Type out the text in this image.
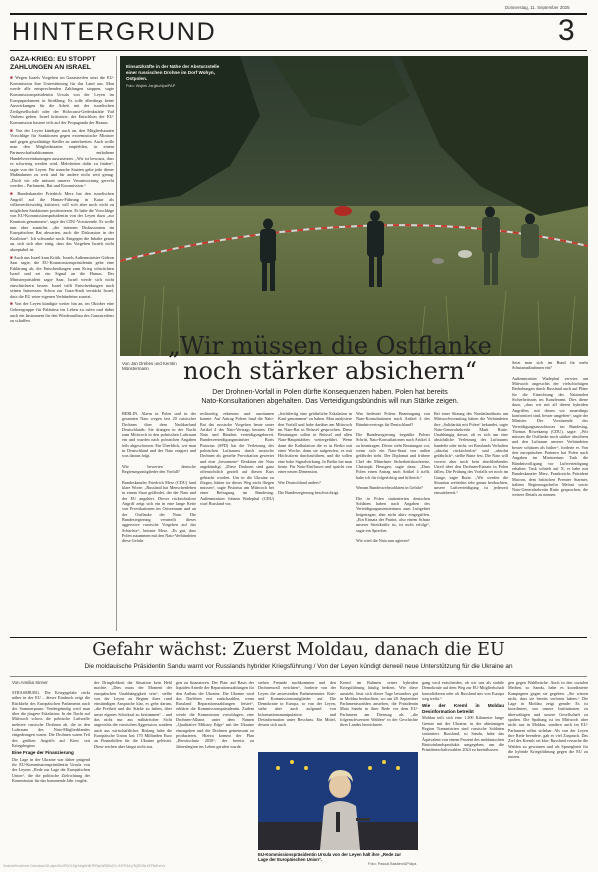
Donnerstag, 11. September 2025
HINTERGRUND	3
GAZA-KRIEG: EU STOPPT ZAHLUNGEN AN ISRAEL

■ Wegen Israels Vorgehen im Gazastreifen setzt die EU-Kommission ihre Unterstützung für das Land aus. Man werde alle entsprechenden Zahlungen stoppen, sagte Kommissionspräsidentin Ursula von der Leyen im Europaparlament in Straßburg. Es solle allerdings keine Auswirkungen für die Arbeit mit der israelischen Zivilgesellschaft oder der Holocaust-Gedenkstätte Yad Vashem geben. Israel kritisierte, der Entschluss der EU-Kommission basiere teils auf der Propaganda der Hamas.

■ Von der Leyen kündigte auch an, den Mitgliedstaaten Vorschläge für Sanktionen gegen extremistische Minister und gegen gewalttätige Siedler zu unterbreiten. Auch wolle man den Mitgliedstaaten empfehlen, in einem Partnerschaftsabkommen enthaltene Handelsvereinbarungen auszusetzen. „Wir ist bewusst, dass es schwierig werden wird, Mehrheiten dafür zu finden“, sagte von der Leyen. Für manche Staaten gehe jede dieser Maßnahmen zu weit und für andere nicht weit genug. „Doch wir alle müssen unserer Verantwortung gerecht werden – Parlament, Rat und Kommission.“

■ Bundeskanzler Friedrich Merz hat den israelischen Angriff auf die Hamas-Führung in Katar als völkerrechtswidrig kritisiert, will sich aber noch nicht zu möglichen Sanktionen positionieren. Er habe die Vorschläge von EU-Kommissionspräsidentin von der Leyen dazu „zur Kenntnis genommen“, sagte der CDU-Vorsitzende. Er wolle nun aber zunächst „die internen Diskussionen im Europäischen Rat abwarten, auch die Diskussion in der Koalition“. Ich schwanke noch. Entgegen die Inhalte genau an, sich sich aber einig, dass das Vorgehen Israels nicht akzeptabel ist.

■ Auch aus Israel kam Kritik. Israels Außenminister Gideon Saar sagte, die EU-Kommissionspräsidentin gebe eine Erklärung ab, die Entscheidungen zum Krieg schwächten Israel und sei ein Signal an die Hamas. Der Ministerpräsident sagte Saar, Israel werde sich nicht einschüchtern lassen. Israel trifft Entscheidungen nach seinen Interessen. Schon zur Gaza-Stadt verstärkt Israel, dass die EU seine eigenen Verbündeten zusetzt.

■ Von der Leyen kündigte weiter hin an, im Oktober eine Geberegruppe für Palästina ins Leben zu rufen und dabei auch ein Instrument für den Wiederaufbau des Gazastreifens zu schaffen.

Einsatzkräfte in der Nähe der Absturzstelle einer russischen Drohne im Dorf Wohyn, Ostpolen.
Foto: Wojtek Jargilo/dpa/PAP
Von Jan Drebes und Kerstin Münstermann
„Wir müssen die Ostflanke
noch stärker absichern“
Der Drohnen-Vorfall in Polen dürfte Konsequenzen haben. Polen hat bereits
Nato-Konsultationen abgehalten. Das Verteidigungsbündnis will nun Stärke zeigen.
BERLIN. Alarm in Polen und in der gesamten Nato wegen fast 20 russischer Drohnen über dem Nachbarland Deutschlands: Sie drangen in der Nacht zum Mittwoch in den polnischen Luftraum ein und wurden nach polnischen Angaben teils abgeschossen. Ein Überblick, wie man in Deutschland und der Nato reagiert und was daraus folgt.

Wie bewerten deutsche Regierungsmitglieder den Vorfall?

Bundeskanzler Friedrich Merz (CDU) fand klare Worte: „Russland hat Menschenleben in einem Staat gefährdet, der der Nato und der EU angehört. Dieser rücksichtslose Angriff zeigt sich ein in eine lange Kette von Provokationen im Ostseeraum und an der Ostflanke der Nato. Die Bundesregierung verurteilt dieses aggressive russische Vorgehen auf das Schärfste“, betonte Merz. „Es gut, dass Polen zusammen mit den Nato-Verbündeten diese Gefahr
rechtzeitig erkennen und ausräumen konnte. Auf Antrag Polens fand die Nato-Rat das russische Vorgehen heute unter Artikel 4 des Nato-Vertrags beraten. Die Nato und Bündnis verteidigungsbereit. Bundesverteidigungsminister Boris Pistorius (SPD) hat die Verletzung des polnischen Luftraums durch russische Drohnen als gezielte Provokation gewertet und eine „besonnene“ Reaktion der Nato angekündigt. „Diese Drohnen sind ganz offensichtlich gezielt auf diesen Kurs gebracht worden. Um in die Ukraine zu fliegen, hätten sie dieses Weg nicht fliegen müssen“, sagte Pistorius am Mittwoch bei einer Befragung im Bundestag. Außenminister Johann Wadephul (CDU) warf Russland vor,
„leichtfertig eine gefährliche Eskalation in Kauf genommen“ zu haben. Man analysiere den Vorfall und habe darüber am Mittwoch im Nato-Rat in Brüssel gesprochen. Diese Beratungen sollen in Brüssel und allen Nato-Hauptstädten weitergeführt. Wenn dann die Kalkulation die es in Berlin mit einer Woche, dann sie aufgerufen, es mit Höchstform durchzuführen, und die sollen eine hohe Signalwirkung. In Berlin hat man heute. Für Nato-Einflusses und spricht von einer neuen Dimension.

War Deutschland anders?

Die Bundesregierung beschwichtigt.
Was bedeutet Polens Beantragung von Nato-Konsultationen nach Artikel 4 des Bündnisvertrags für Deutschland?

Die Bundesregierung begrüßte Polens Schritt, Nato-Konsultationen nach Artikel 4 zu beantragen. Dieser sieht Beratungen vor, wenn sich ein Nato-Staat von außen gefährdet sieht. Der Diplomat und frühere Chef der Münchner Sicherheitskonferenz, Christoph Heusgen, sagte dazu: „Dass Polen einen Antrag nach Artikel 4 stellt, halte ich für folgerichtig und hilfreich.“

Warum Bundeswehrsoldaten in Gefahr?

Die in Polen stationierten deutschen Soldaten haben nach Angaben des Verteidigungsministeriums zum Luftgebiet beigetragen, aber nicht aktiv eingegriffen. „Ein Einsatz der Patriot, also einem Schutz unserer Streitkräfte ist, ist nicht erfolgt“, sagte ein Sprecher.

Wie wird die Nato nun agieren?
Bei einer Sitzung des Nordatlantikrats am Mittwochvormittag hätten die Verbündeten ihre „Solidarität mit Polen“ bekundet, sagte Nato-Generalsekretär Mark Rutte. Unabhängig davon, ob es sich um eine absichtliche Verletzung des Luftraums handelte oder nicht, sei Russlands Verhalten „absolut rücksichtslos“ und „absolut gefährlich“, stellte Rutte fest. Die Nato will vorerst aber noch kein abschließendes Urteil über den Drohnen-Einsatz in Polen fällen. Die Prüfung des Vorfalls sei noch im Gange, sagte Rutte. „Wir werden die Situation weiterhin sehr genau beobachten, unsere Luftverteidigung ist jederzeit einsatzbereit.“
Setzt man sich im Bund für mehr Schutzmaßnahmen ein?

Außenminister Wadephul verwies am Mittwoch angesichts der vielschichtigen Bedrohungen durch Russland auch auf Pläne für die Einrichtung des Nationalen Sicherheitsrats im Kanzleramt. Dies diene dazu, „dass wir mit all diesen hybriden Angriffen, mit denen wir neuerdings konfrontiert sind, besser umgehen“, sagte der Minister. Der Vorsitzende des Verteidigungsausschusses im Bundestag, Thomas Röwekamp (CDU), sagte: „Wir müssen die Ostflanke noch stärker absichern und den Luftraum unserer Verbündeten besser schützen als bisher“, forderte er. Von den europäischen Partnern hat Polen nach Angaben im Ministerium Tusk die Bündnisvolligung vor Luftverteidigung erhalten. Tusk schrieb auf X, er habe mit Bundeskanzler Merz, Frankreichs Präsident Macron, dem britischen Premier Starmer, italiens Regierungschefin Meloni sowie Nato-Generalsekretär Rutte gesprochen, die weitere Details zu nennen.
Gefahr wächst: Zuerst Moldau, danach die EU
Die moldauische Präsidentin Sandu warnt vor Russlands hybrider Kriegsführung / Von der Leyen kündigt derweil neue Unterstützung für die Ukraine an
Von Annika Sinner
STRASSBURG. Die Kriegsgefahr rückt näher in der EU – dieser Eindruck zeigt die Rückkehr des Europäischen Parlaments nach der Sommerpause. Vordergründig wird man über die jüngere Eskalation: In der Nacht auf Mittwoch schoss die polnische Luftwaffe mehrere russische Drohnen ab, die in den Luftraum des Nato-Mitgliedslandes eingedrungen waren. Die Drohnen waren Teil des größten Angriffs auf Kiew seit Kriegsbeginn.
Eine Frage der Finanzierung
Die Lage in der Ukraine war daher prägend für EU-Kommissionspräsidentin Ursula von der Leyens „Rede zur Lage der Europäischen Union“, die die politische Zielrichtung der Kommission für das kommende Jahr vorgibt.
der Dringlichkeit der Situation kein Hehl machte. „Dies muss der Moment der europäischen Unabhängigkeit sein“, stellte von der Leyen zu Beginn ihrer rund einstündigen Ansprache klar, es gehe darum, „die Freiheit und die Stärke zu haben, über unser eigenes Schicksal zu bestimmen“ – und das nicht nur aus militärischer Sicht angesichts der russischen Aggression, sondern auch aus wirtschaftlicher. Bislang habe die Europäische Union fast 170 Milliarden Euro an Finanzhilfen für die Ukraine geleistet. Diese reichen aber längst nicht aus.
gen zu finanzieren. Der Plan: auf Basis der liquiden Anteile der Reparationszahlungen für den Aufbau der Ukraine. Die Ukraine wird das Darlehen erst zurückzahlen, wenn Russland Reparationszahlungen leistet“, erklärte die Kommissionspräsidentin. Zudem werde die Kommission vorschlagen, eine Drohnen-Allianz unter dem Namen „Qualitative Military Edge“ mit der Ukraine einzugehen und die Drohnen gemeinsam zu produzieren. Hierzu kommt der Plan „Brexitschutz 2030“, der bereits zu Jahresbeginn ins Leben gerufen wurde.
stehen Freunde nachkommen und den Drohnenwall errichten“, forderte von der Leyen die anwesenden Parlamentarier. Rats- und Kommissionsmitglieder auf. Die Demokratie in Europa, so von der Leyen, stehe aber auch aufgrund von Informationsmanipulation und Desinformation unter Beschuss. Ein Mittel, dessen sich auch
Kreml im Rahmen seiner hybriden Kriegsführung häufig bedient. Wie diese aussieht, lässt sich dieser Tage besonders gut in Moldau beobachten, wo am 28. September Parlamentswahlen anstehen, die Präsidentin Maia Sandu in ihrer Rede vor dem EU-Parlament am Dienstag als „die folgenschwersten Wahlen“ in der Geschichte ihres Landes bezeichnete.
EU-Kommissionspräsidentin Ursula von der Leyen hält ihre „Rede zur Lage der Europäischen Union“.
Foto: Pascal Bastien/AP/dpa
gang wird entscheiden, ob wir uns als stabile Demokratie auf dem Weg zur EU-Mitgliedschaft konsolidieren oder ob Russland uns von Europa weg treibt.“
Wie der Kreml in Moldau Desinformation betreibt
Moldau teilt sich eine 1.200 Kilometer lange Grenze mit der Ukraine, in der abtrünnigen Region Transnistrien sind russische Soldaten stationiert. Russland, so Sandu, habe das Äquivalent von einem Prozent des moldauischen Bruttoinlandsprodukts ausgegeben, um die Präsidentschaftswahlen 2024 zu beeinflussen.
gen gegen Wahlbrüche. Auch in den sozialen Medien, so Sandu, habe es koordinierte Kampagnen gegen sie gegeben. „Sie wissen nicht, dass sie bereits verloren haben.“ Die Lage in Moldau zeigt gerade: Es ist koordiniert, um unsere Institutionen zu überwältigen und unsere Gesellschaft zu spalten. Die Spaltung ist im Mittwoch aber nicht nur in Moldau, sondern auch im EU-Parlament selbst sichtbar. Als von der Leyen ihre Rede beendete, gab es viel Zuspruch. Das Ziel des Kremls sei klar: Russland versuche die Wahlen zu gewinnen und als Sprungbrett für die hybride Kriegsführung gegen die EU zu nutzen.
Gedenk/Kom/ineer Download 08-okpn/ScUPDOLSpHnhgNHtkTRRpoWSBhV|Gr-GXFEA1y75QRG5eXEP5dFwrVz
